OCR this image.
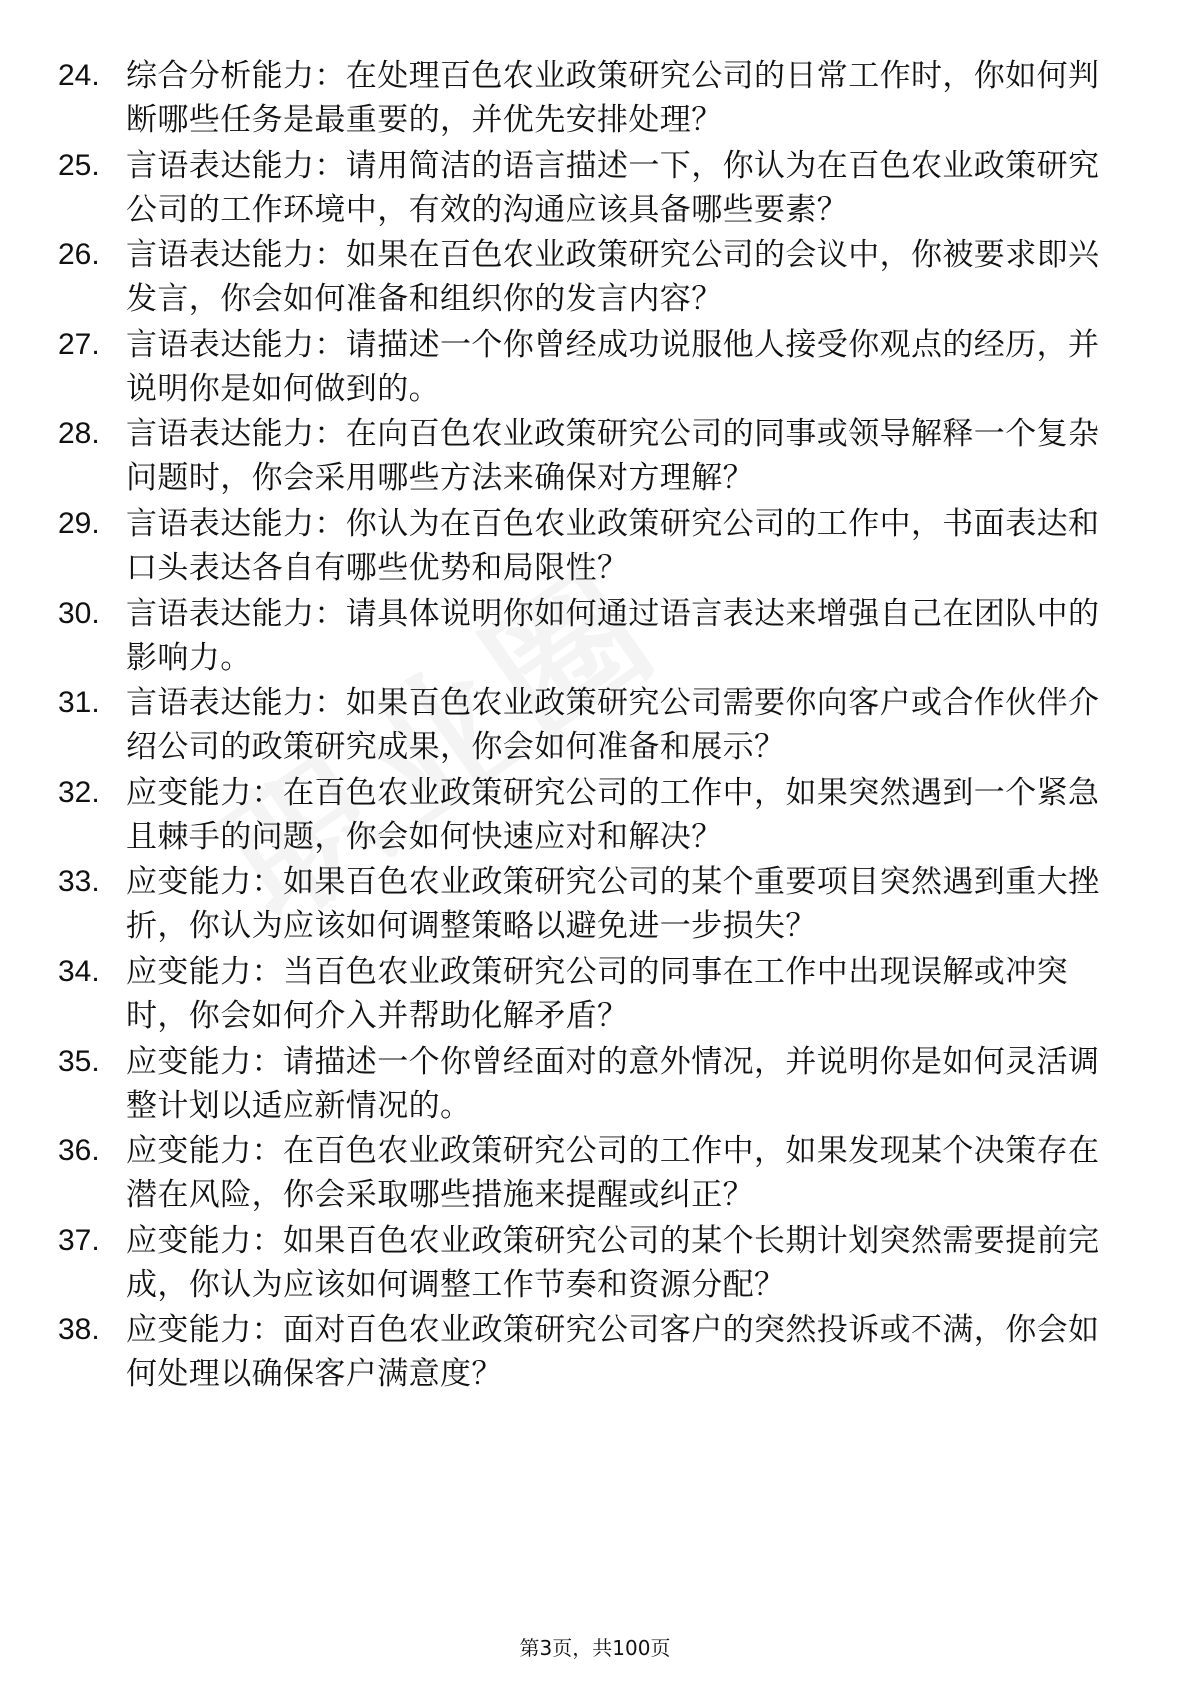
24. 综合分析能力：在处理百色农业政策研究公司的日常工作时，你如何判断哪些任务是最重要的，并优先安排处理？
25. 言语表达能力：请用简洁的语言描述一下，你认为在百色农业政策研究公司的工作环境中，有效的沟通应该具备哪些要素？
26. 言语表达能力：如果在百色农业政策研究公司的会议中，你被要求即兴发言，你会如何准备和组织你的发言内容？
27. 言语表达能力：请描述一个你曾经成功说服他人接受你观点的经历，并说明你是如何做到的。
28. 言语表达能力：在向百色农业政策研究公司的同事或领导解释一个复杂问题时，你会采用哪些方法来确保对方理解？
29. 言语表达能力：你认为在百色农业政策研究公司的工作中，书面表达和口头表达各自有哪些优势和局限性？
30. 言语表达能力：请具体说明你如何通过语言表达来增强自己在团队中的影响力。
31. 言语表达能力：如果百色农业政策研究公司需要你向客户或合作伙伴介绍公司的政策研究成果，你会如何准备和展示？
32. 应变能力：在百色农业政策研究公司的工作中，如果突然遇到一个紧急且棘手的问题，你会如何快速应对和解决？
33. 应变能力：如果百色农业政策研究公司的某个重要项目突然遇到重大挫折，你认为应该如何调整策略以避免进一步损失？
34. 应变能力：当百色农业政策研究公司的同事在工作中出现误解或冲突时，你会如何介入并帮助化解矛盾？
35. 应变能力：请描述一个你曾经面对的意外情况，并说明你是如何灵活调整计划以适应新情况的。
36. 应变能力：在百色农业政策研究公司的工作中，如果发现某个决策存在潜在风险，你会采取哪些措施来提醒或纠正？
37. 应变能力：如果百色农业政策研究公司的某个长期计划突然需要提前完成，你认为应该如何调整工作节奏和资源分配？
38. 应变能力：面对百色农业政策研究公司客户的突然投诉或不满，你会如何处理以确保客户满意度？
第3页，共100页
